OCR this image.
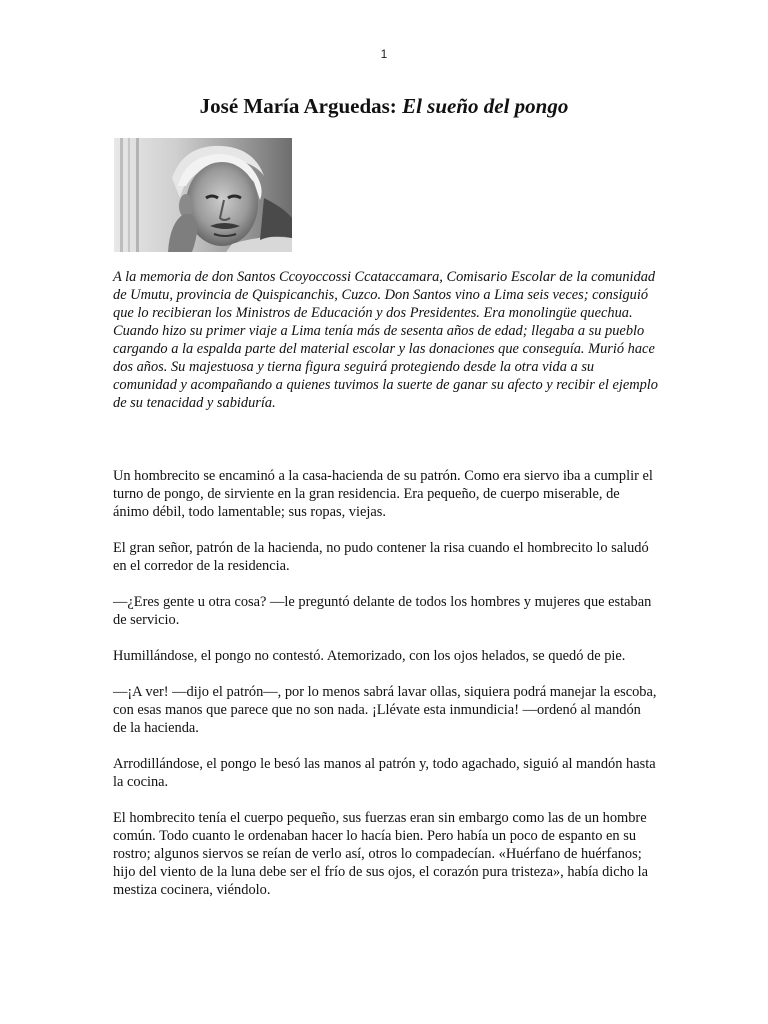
1
José María Arguedas: El sueño del pongo

A la memoria de don Santos Ccoyoccossi Ccataccamara, Comisario Escolar de la comunidad de Umutu, provincia de Quispicanchis, Cuzco. Don Santos vino a Lima seis veces; consiguió que lo recibieran los Ministros de Educación y dos Presidentes. Era monolingüe quechua. Cuando hizo su primer viaje a Lima tenía más de sesenta años de edad; llegaba a su pueblo cargando a la espalda parte del material escolar y las donaciones que conseguía. Murió hace dos años. Su majestuosa y tierna figura seguirá protegiendo desde la otra vida a su comunidad y acompañando a quienes tuvimos la suerte de ganar su afecto y recibir el ejemplo de su tenacidad y sabiduría.

Un hombrecito se encaminó a la casa-hacienda de su patrón. Como era siervo iba a cumplir el turno de pongo, de sirviente en la gran residencia. Era pequeño, de cuerpo miserable, de ánimo débil, todo lamentable; sus ropas, viejas.

El gran señor, patrón de la hacienda, no pudo contener la risa cuando el hombrecito lo saludó en el corredor de la residencia.

—¿Eres gente u otra cosa? —le preguntó delante de todos los hombres y mujeres que estaban de servicio.

Humillándose, el pongo no contestó. Atemorizado, con los ojos helados, se quedó de pie.

—¡A ver! —dijo el patrón—, por lo menos sabrá lavar ollas, siquiera podrá manejar la escoba, con esas manos que parece que no son nada. ¡Llévate esta inmundicia! —ordenó al mandón de la hacienda.

Arrodillándose, el pongo le besó las manos al patrón y, todo agachado, siguió al mandón hasta la cocina.

El hombrecito tenía el cuerpo pequeño, sus fuerzas eran sin embargo como las de un hombre común. Todo cuanto le ordenaban hacer lo hacía bien. Pero había un poco de espanto en su rostro; algunos siervos se reían de verlo así, otros lo compadecían. «Huérfano de huérfanos; hijo del viento de la luna debe ser el frío de sus ojos, el corazón pura tristeza», había dicho la mestiza cocinera, viéndolo.
